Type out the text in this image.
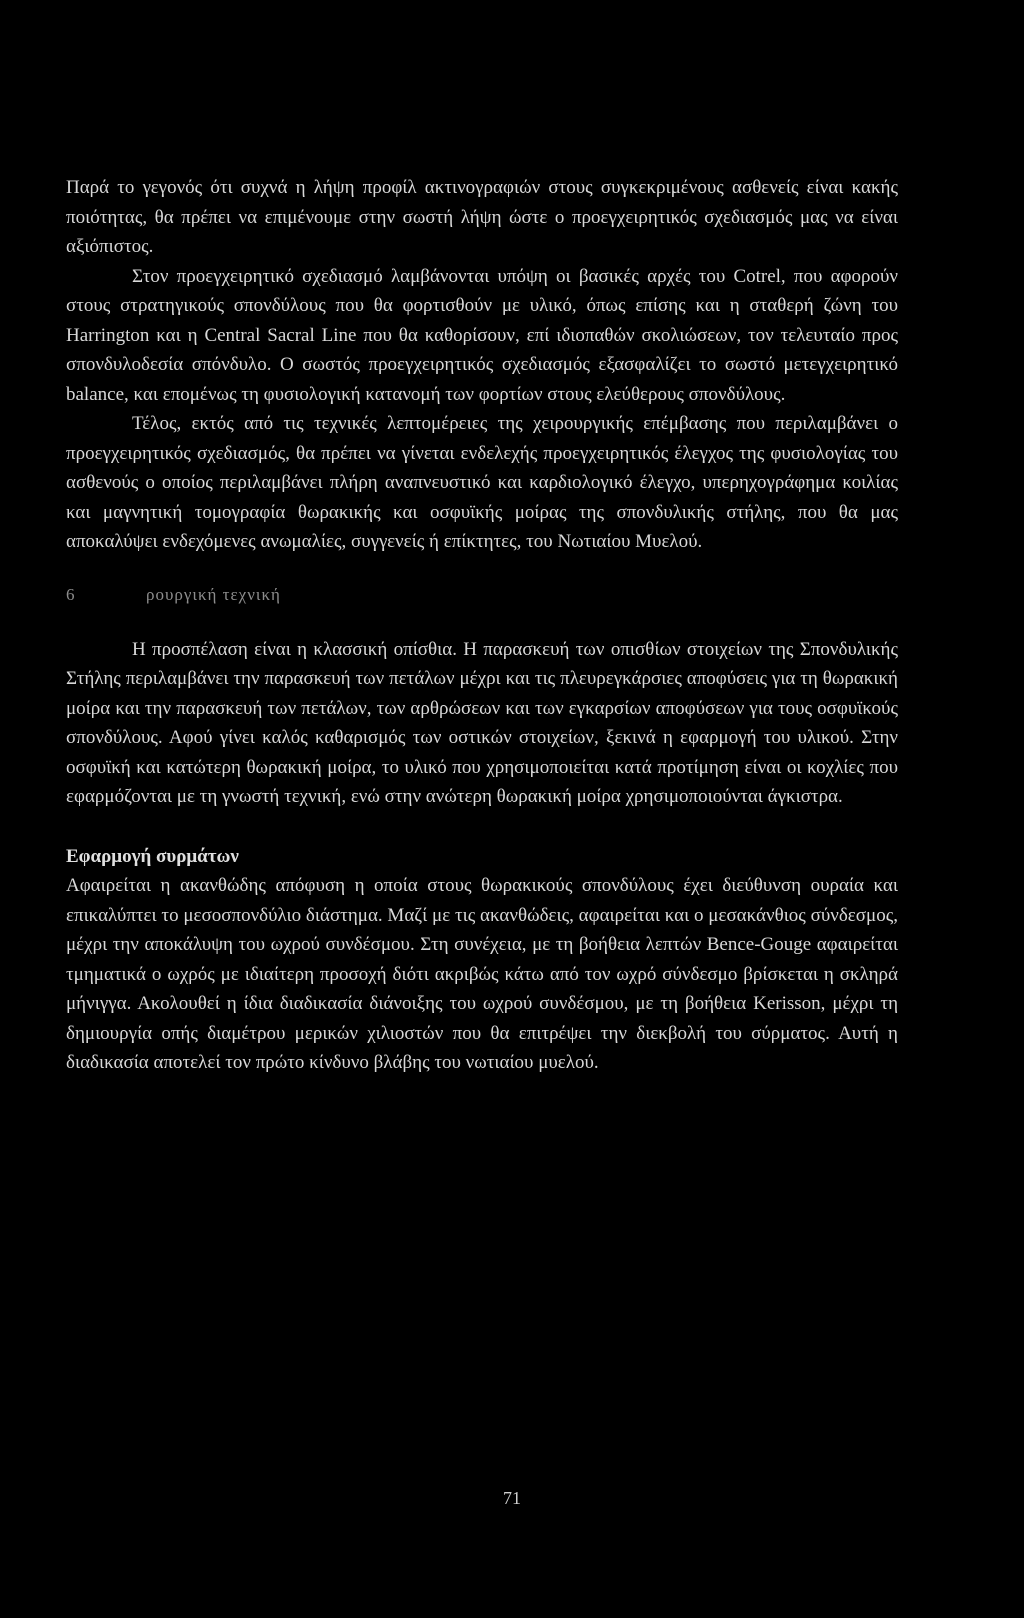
Παρά το γεγονός ότι συχνά η λήψη προφίλ ακτινογραφιών στους συγκεκριμένους ασθενείς είναι κακής ποιότητας, θα πρέπει να επιμένουμε στην σωστή λήψη ώστε ο προεγχειρητικός σχεδιασμός μας να είναι αξιόπιστος.

Στον προεγχειρητικό σχεδιασμό λαμβάνονται υπόψη οι βασικές αρχές του Cotrel, που αφορούν στους στρατηγικούς σπονδύλους που θα φορτισθούν με υλικό, όπως επίσης και η σταθερή ζώνη του Harrington και η Central Sacral Line που θα καθορίσουν, επί ιδιοπαθών σκολιώσεων, τον τελευταίο προς σπονδυλοδεσία σπόνδυλο. Ο σωστός προεγχειρητικός σχεδιασμός εξασφαλίζει το σωστό μετεγχειρητικό balance, και επομένως τη φυσιολογική κατανομή των φορτίων στους ελεύθερους σπονδύλους.

Τέλος, εκτός από τις τεχνικές λεπτομέρειες της χειρουργικής επέμβασης που περιλαμβάνει ο προεγχειρητικός σχεδιασμός, θα πρέπει να γίνεται ενδελεχής προεγχειρητικός έλεγχος της φυσιολογίας του ασθενούς ο οποίος περιλαμβάνει πλήρη αναπνευστικό και καρδιολογικό έλεγχο, υπερηχογράφημα κοιλίας και μαγνητική τομογραφία θωρακικής και οσφυϊκής μοίρας της σπονδυλικής στήλης, που θα μας αποκαλύψει ενδεχόμενες ανωμαλίες, συγγενείς ή επίκτητες, του Νωτιαίου Μυελού.

6	ρουργική τεχνική

Η προσπέλαση είναι η κλασσική οπίσθια. Η παρασκευή των οπισθίων στοιχείων της Σπονδυλικής Στήλης περιλαμβάνει την παρασκευή των πετάλων μέχρι και τις πλευρεγκάρσιες αποφύσεις για τη θωρακική μοίρα και την παρασκευή των πετάλων, των αρθρώσεων και των εγκαρσίων αποφύσεων για τους οσφυϊκούς σπονδύλους. Αφού γίνει καλός καθαρισμός των οστικών στοιχείων, ξεκινά η εφαρμογή του υλικού. Στην οσφυϊκή και κατώτερη θωρακική μοίρα, το υλικό που χρησιμοποιείται κατά προτίμηση είναι οι κοχλίες που εφαρμόζονται με τη γνωστή τεχνική, ενώ στην ανώτερη θωρακική μοίρα χρησιμοποιούνται άγκιστρα.

Εφαρμογή συρμάτων

Αφαιρείται η ακανθώδης απόφυση η οποία στους θωρακικούς σπονδύλους έχει διεύθυνση ουραία και επικαλύπτει το μεσοσπονδύλιο διάστημα. Μαζί με τις ακανθώδεις, αφαιρείται και ο μεσακάνθιος σύνδεσμος, μέχρι την αποκάλυψη του ωχρού συνδέσμου. Στη συνέχεια, με τη βοήθεια λεπτών Bence-Gouge αφαιρείται τμηματικά ο ωχρός με ιδιαίτερη προσοχή διότι ακριβώς κάτω από τον ωχρό σύνδεσμο βρίσκεται η σκληρά μήνιγγα. Ακολουθεί η ίδια διαδικασία διάνοιξης του ωχρού συνδέσμου, με τη βοήθεια Kerisson, μέχρι τη δημιουργία οπής διαμέτρου μερικών χιλιοστών που θα επιτρέψει την διεκβολή του σύρματος. Αυτή η διαδικασία αποτελεί τον πρώτο κίνδυνο βλάβης του νωτιαίου μυελού.

71
